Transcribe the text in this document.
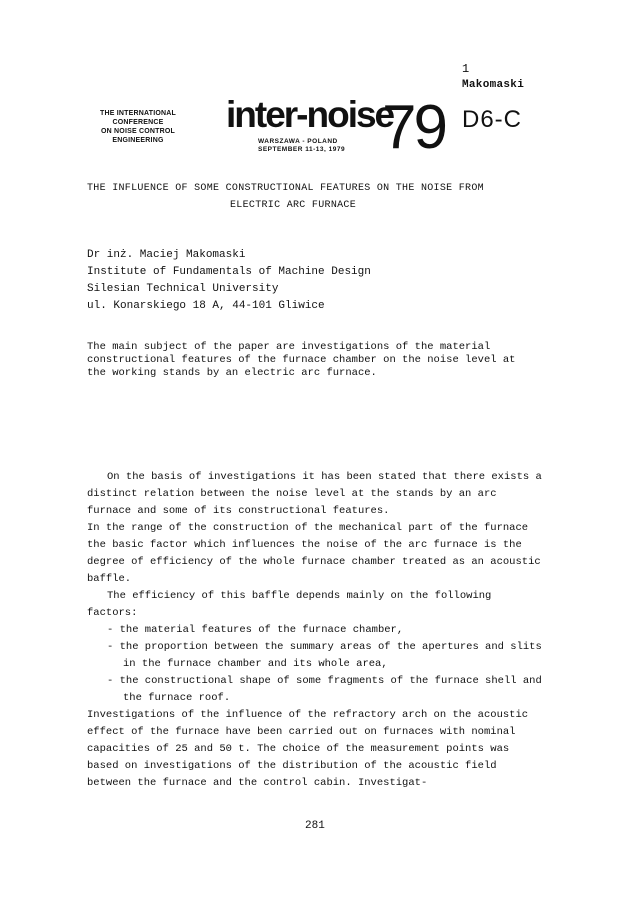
1
Makomaski
THE INTERNATIONAL
CONFERENCE
ON NOISE CONTROL
ENGINEERING
inter-noise
WARSZAWA - POLAND
SEPTEMBER 11-13, 1979 79 D6-C
THE INFLUENCE OF SOME CONSTRUCTIONAL FEATURES ON THE NOISE FROM
ELECTRIC ARC FURNACE
Dr inż. Maciej Makomaski
Institute of Fundamentals of Machine Design
Silesian Technical University
ul. Konarskiego 18 A, 44-101 Gliwice
The main subject of the paper are investigations of the material constructional features of the furnace chamber on the noise level at the working stands by an electric arc furnace.

On the basis of investigations it has been stated that there exists a distinct relation between the noise level at the stands by an arc furnace and some of its constructional features.

In the range of the construction of the mechanical part of the furnace the basic factor which influences the noise of the arc furnace is the degree of efficiency of the whole furnace chamber treated as an acoustic baffle.

The efficiency of this baffle depends mainly on the following factors:

- the material features of the furnace chamber,

- the proportion between the summary areas of the apertures and slits in the furnace chamber and its whole area,

- the constructional shape of some fragments of the furnace shell and the furnace roof.

Investigations of the influence of the refractory arch on the acoustic effect of the furnace have been carried out on furnaces with nominal capacities of 25 and 50 t. The choice of the measurement points was based on investigations of the distribution of the acoustic field between the furnace and the control cabin. Investigat-

281
